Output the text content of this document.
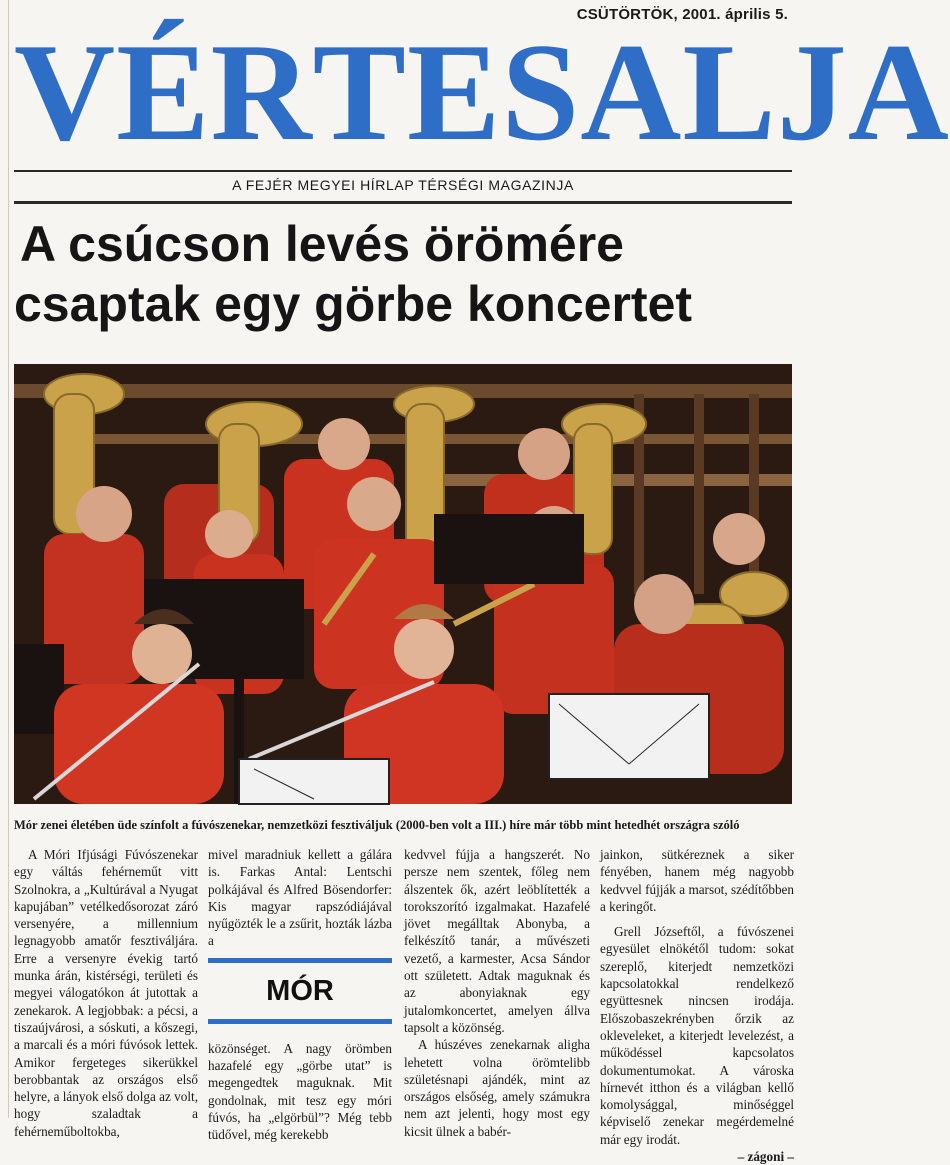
CSÜTÖRTÖK, 2001. április 5.
V É R T E S A L J A
A FEJÉR MEGYEI HÍRLAP TÉRSÉGI MAGAZINJA
A csúcson levés örömére
csaptak egy görbe koncertet
Mór zenei életében üde színfolt a fúvószenekar, nemzetközi fesztiváljuk (2000-ben volt a III.) híre már több mint hetedhét országra szóló

A Móri Ifjúsági Fúvószenekar egy váltás fehérneműt vitt Szolnokra, a „Kultúrával a Nyugat kapujában” vetélkedősorozat záró versenyére, a millennium legnagyobb amatőr fesztiváljára. Erre a versenyre évekig tartó munka árán, kistérségi, területi és megyei válogatókon át jutottak a zenekarok. A legjobbak: a pécsi, a tiszaújvárosi, a sóskuti, a kőszegi, a marcali és a móri fúvósok lettek. Amikor fergeteges sikerükkel berobbantak az országos első helyre, a lányok első dolga az volt, hogy szaladtak a fehérneműboltokba,

mivel maradniuk kellett a gálára is. Farkas Antal: Lentschi polkájával és Alfred Bösendorfer: Kis magyar rapszódiájával nyűgözték le a zsűrit, hozták lázba a

MÓR

közönséget. A nagy örömben hazafelé egy „görbe utat” is megengedtek maguknak. Mit gondolnak, mit tesz egy móri fúvós, ha „elgörbül”? Még tebb tüdővel, még kerekebb

kedvvel fújja a hangszerét. No persze nem szentek, főleg nem álszentek ők, azért leöblítették a torokszorító izgalmakat. Hazafelé jövet megálltak Abonyba, a felkészítő tanár, a művészeti vezető, a karmester, Acsa Sándor ott született. Adtak maguknak és az abonyiaknak egy jutalomkoncertet, amelyen állva tapsolt a közönség.

A húszéves zenekarnak aligha lehetett volna örömtelibb születésnapi ajándék, mint az országos elsőség, amely számukra nem azt jelenti, hogy most egy kicsit ülnek a babér-

jainkon, sütkéreznek a siker fényében, hanem még nagyobb kedvvel fújják a marsot, szédítőbben a keringőt.

Grell Józseftől, a fúvószenei egyesület elnökétől tudom: sokat szereplő, kiterjedt nemzetközi kapcsolatokkal rendelkező együttesnek nincsen irodája. Előszobaszekrényben őrzik az okleveleket, a kiterjedt levelezést, a működéssel kapcsolatos dokumentumokat. A városka hírnevét itthon és a világban kellő komolysággal, minőséggel képviselő zenekar megérdemelné már egy irodát.

– zágoni –
